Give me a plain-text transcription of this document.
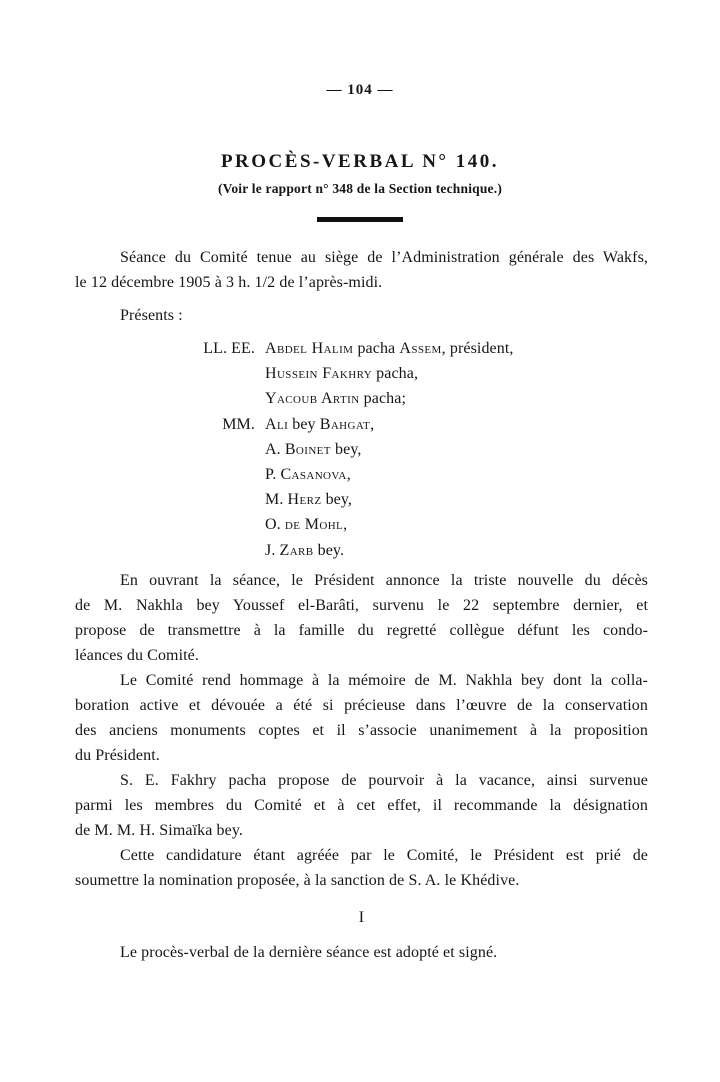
— 104 —
PROCÈS-VERBAL N° 140.
(Voir le rapport n° 348 de la Section technique.)
Séance du Comité tenue au siège de l’Administration générale des Wakfs,
le 12 décembre 1905 à 3 h. 1/2 de l’après-midi.
Présents :
LL. EE. Abdel Halim pacha Assem, président,
Hussein Fakhry pacha,
Yacoub Artin pacha;
MM. Ali bey Bahgat,
A. Boinet bey,
P. Casanova,
M. Herz bey,
O. de Mohl,
J. Zarb bey.
En ouvrant la séance, le Président annonce la triste nouvelle du décès
de M. Nakhla bey Youssef el-Barâti, survenu le 22 septembre dernier, et
propose de transmettre à la famille du regretté collègue défunt les condo-
léances du Comité.
Le Comité rend hommage à la mémoire de M. Nakhla bey dont la colla-
boration active et dévouée a été si précieuse dans l’œuvre de la conservation
des anciens monuments coptes et il s’associe unanimement à la proposition
du Président.
S. E. Fakhry pacha propose de pourvoir à la vacance, ainsi survenue
parmi les membres du Comité et à cet effet, il recommande la désignation
de M. M. H. Simaïka bey.
Cette candidature étant agréée par le Comité, le Président est prié de
soumettre la nomination proposée, à la sanction de S. A. le Khédive.
I
Le procès-verbal de la dernière séance est adopté et signé.
